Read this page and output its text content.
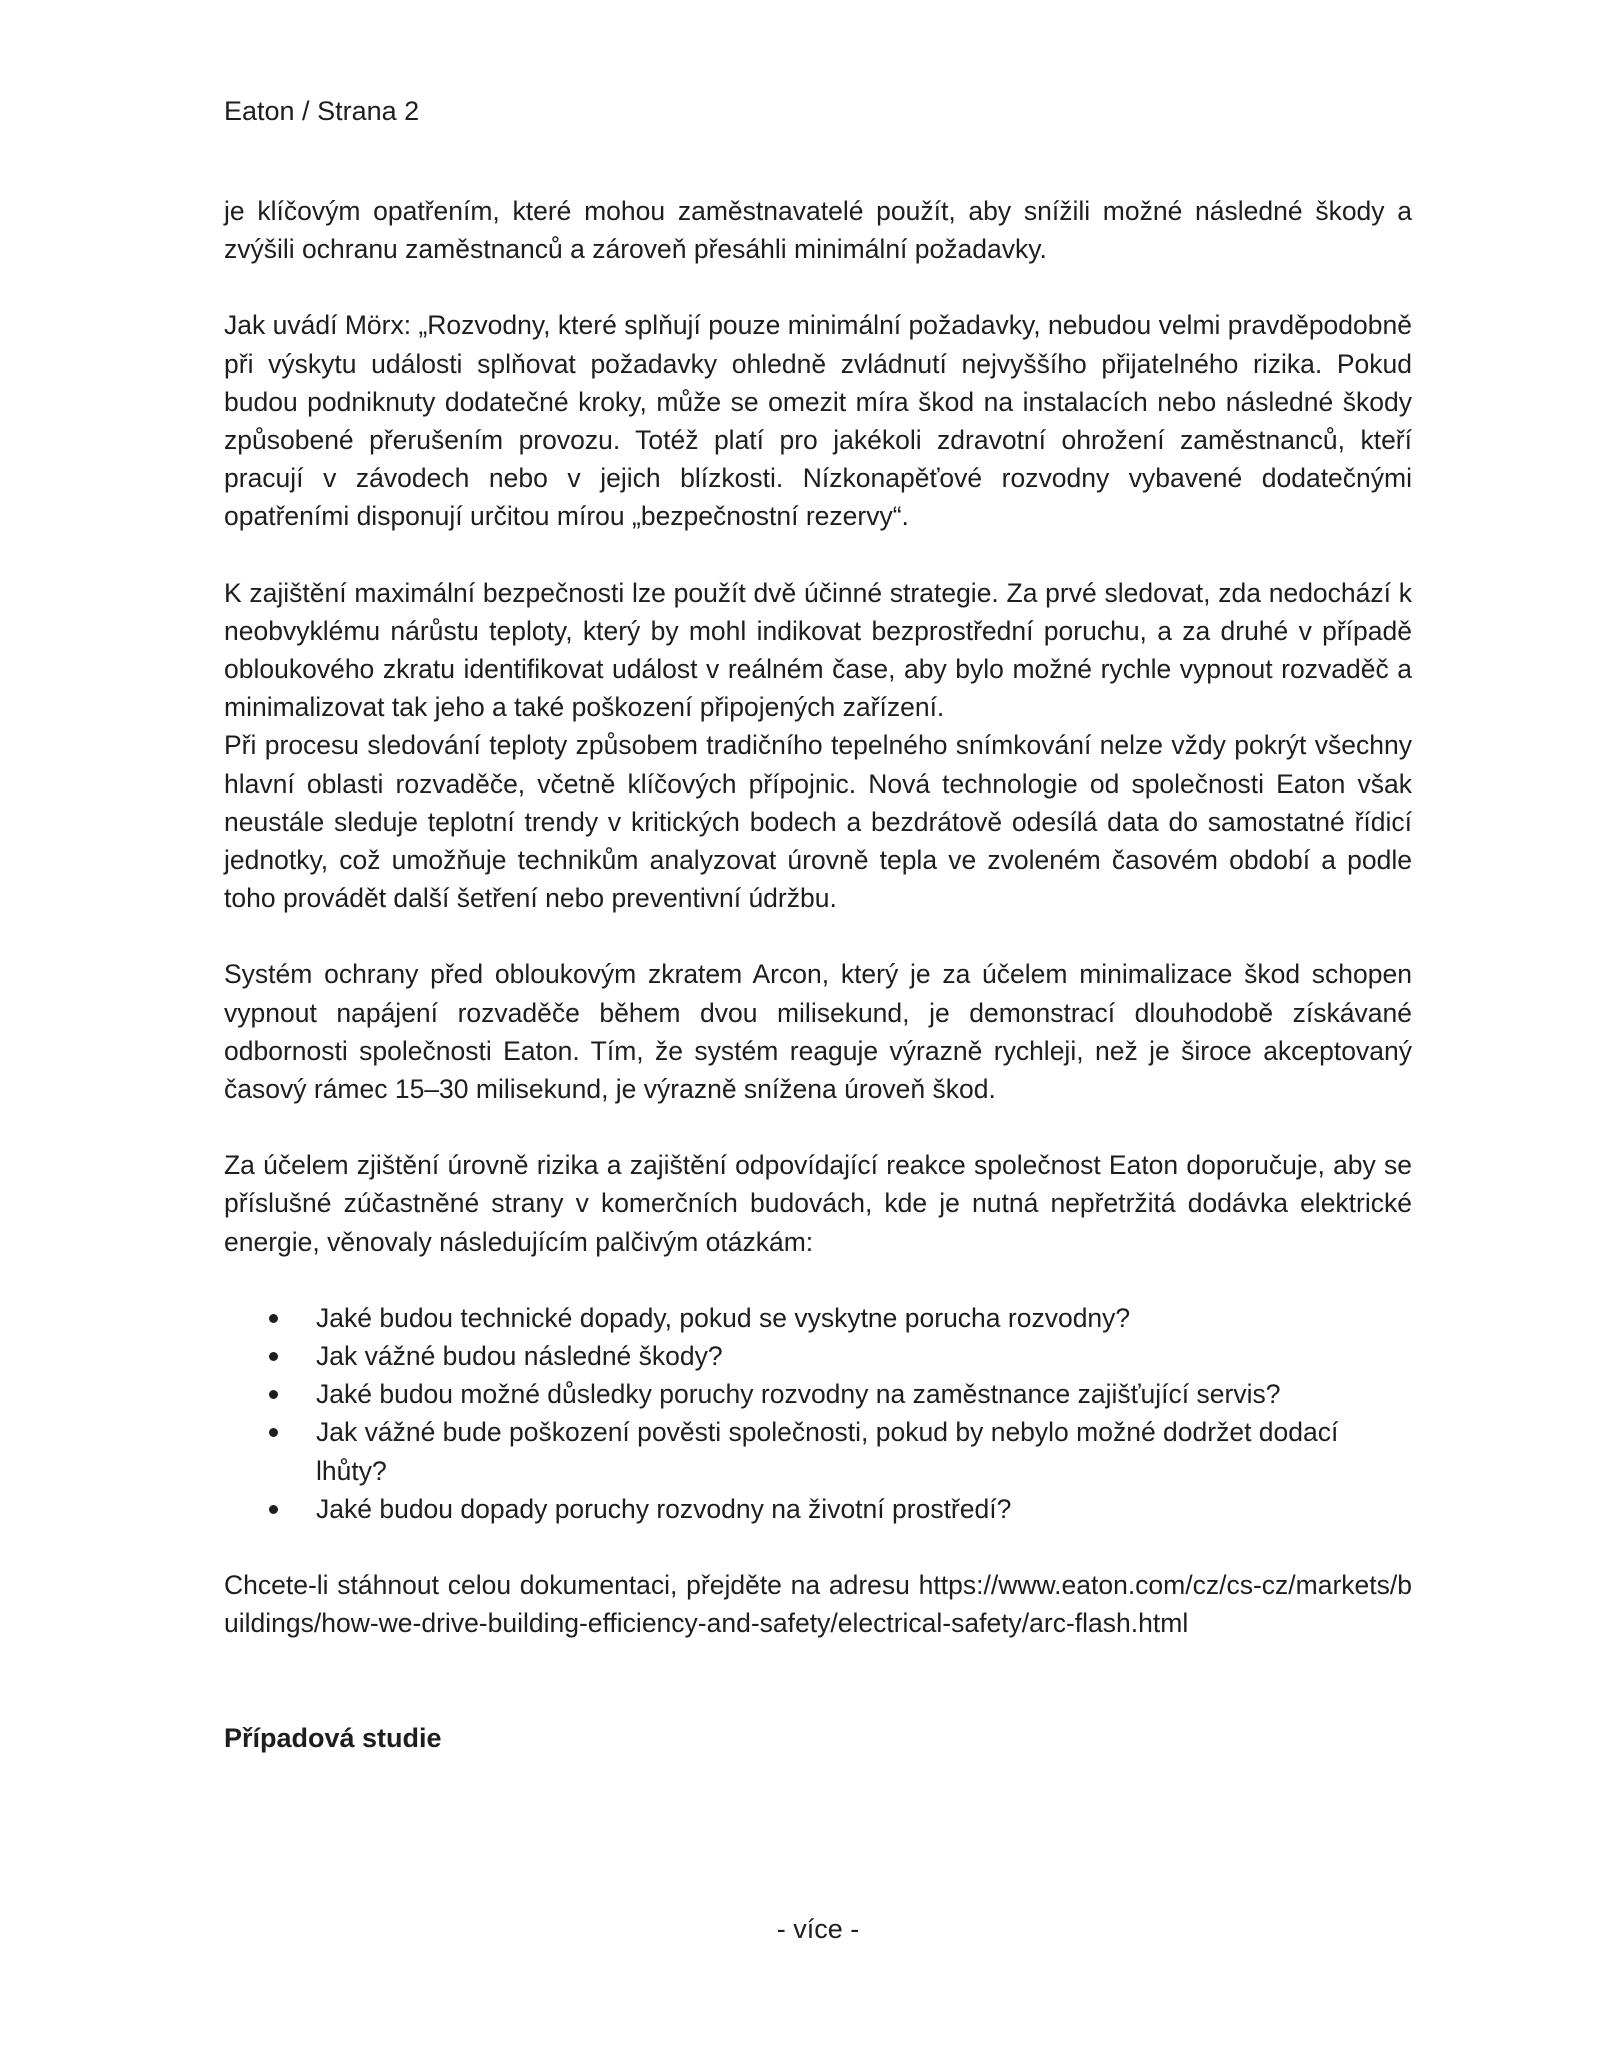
Eaton / Strana 2

je klíčovým opatřením, které mohou zaměstnavatelé použít, aby snížili možné následné škody a zvýšili ochranu zaměstnanců a zároveň přesáhli minimální požadavky.

Jak uvádí Mörx: „Rozvodny, které splňují pouze minimální požadavky, nebudou velmi pravděpodobně při výskytu události splňovat požadavky ohledně zvládnutí nejvyššího přijatelného rizika. Pokud budou podniknuty dodatečné kroky, může se omezit míra škod na instalacích nebo následné škody způsobené přerušením provozu. Totéž platí pro jakékoli zdravotní ohrožení zaměstnanců, kteří pracují v závodech nebo v jejich blízkosti. Nízkonapěťové rozvodny vybavené dodatečnými opatřeními disponují určitou mírou „bezpečnostní rezervy“.

K zajištění maximální bezpečnosti lze použít dvě účinné strategie. Za prvé sledovat, zda nedochází k neobvyklému nárůstu teploty, který by mohl indikovat bezprostřední poruchu, a za druhé v případě obloukového zkratu identifikovat událost v reálném čase, aby bylo možné rychle vypnout rozvaděč a minimalizovat tak jeho a také poškození připojených zařízení.

Při procesu sledování teploty způsobem tradičního tepelného snímkování nelze vždy pokrýt všechny hlavní oblasti rozvaděče, včetně klíčových přípojnic. Nová technologie od společnosti Eaton však neustále sleduje teplotní trendy v kritických bodech a bezdrátově odesílá data do samostatné řídicí jednotky, což umožňuje technikům analyzovat úrovně tepla ve zvoleném časovém období a podle toho provádět další šetření nebo preventivní údržbu.

Systém ochrany před obloukovým zkratem Arcon, který je za účelem minimalizace škod schopen vypnout napájení rozvaděče během dvou milisekund, je demonstrací dlouhodobě získávané odbornosti společnosti Eaton. Tím, že systém reaguje výrazně rychleji, než je široce akceptovaný časový rámec 15–30 milisekund, je výrazně snížena úroveň škod.

Za účelem zjištění úrovně rizika a zajištění odpovídající reakce společnost Eaton doporučuje, aby se příslušné zúčastněné strany v komerčních budovách, kde je nutná nepřetržitá dodávka elektrické energie, věnovaly následujícím palčivým otázkám:

Jaké budou technické dopady, pokud se vyskytne porucha rozvodny?
Jak vážné budou následné škody?
Jaké budou možné důsledky poruchy rozvodny na zaměstnance zajišťující servis?
Jak vážné bude poškození pověsti společnosti, pokud by nebylo možné dodržet dodací lhůty?
Jaké budou dopady poruchy rozvodny na životní prostředí?

Chcete-li stáhnout celou dokumentaci, přejděte na adresu https://www.eaton.com/cz/cs-cz/markets/buildings/how-we-drive-building-efficiency-and-safety/electrical-safety/arc-flash.html

Případová studie
- více -
